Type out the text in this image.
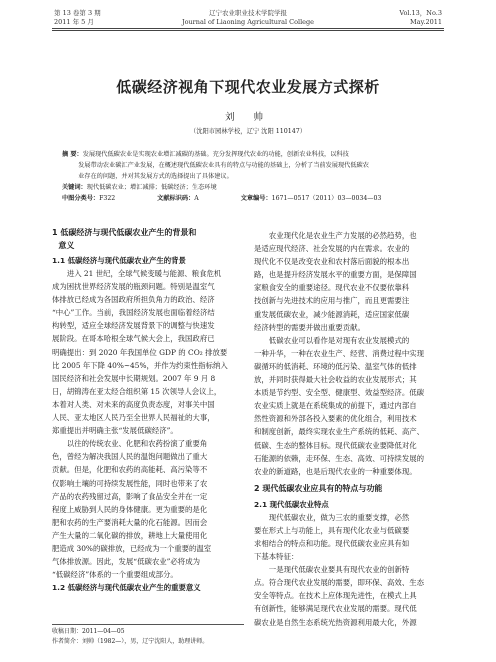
第 13 卷第 3 期
2011 年 5 月
辽宁农业职业技术学院学报
Journal of Liaoning Agricultural College
Vol.13，No.3
May.2011
低碳经济视角下现代农业发展方式探析
刘 帅
（沈阳市园林学校，辽宁 沈阳 110147）
摘 要：发展现代低碳农业是实现农业增汇减碳的基础。充分发挥现代农业的功能，创新农业科技，以科技
发展带动农业碳汇产业发展，在概述现代低碳农业具有的特点与功能的基础上，分析了当前发展现代低碳农
业存在的问题，并对其发展方式的选择提出了具体建议。
关键词：现代低碳农业；增汇减排；低碳经济；生态环境
中图分类号：F322	文献标识码：A	文章编号：1671—0517（2011）03—0034—03
1 低碳经济与现代低碳农业产生的背景和
意义
1.1 低碳经济与现代低碳农业产生的背景
进入 21 世纪，全球气候变暖与能源、粮食危机
成为困扰世界经济发展的瓶颈问题。特别是温室气
体排放已经成为各国政府所担负角力的政治、经济
“中心”工作。当前，我国经济发展也面临着经济结
构转型，适应全球经济发展背景下的调整与快速发
展阶段。在哥本哈根全球气候大会上，我国政府已
明确提出：到 2020 年我国单位 GDP 的 CO₂ 排放要
比 2005 年下降 40%~45%，并作为约束性指标纳入
国民经济和社会发展中长期规划。2007 年 9 月 8
日，胡锦涛在亚太经合组织第 15 次领导人会议上，
本着对人类、对未来的高度负责态度，对事关中国
人民、亚太地区人民乃至全世界人民福祉的大事，
郑重提出并明确主张“发展低碳经济”。
以往的传统农业、化肥和农药扮演了重要角
色，曾经为解决我国人民的温饱问题做出了重大
贡献。但是，化肥和农药的高能耗、高污染等不
仅影响土壤的可持续发展性能，同时也带来了农
产品的农药残留过高，影响了食品安全并在一定
程度上威胁到人民的身体健康。更为重要的是化
肥和农药的生产要消耗大量的化石能源。因而会
产生大量的二氧化碳的排放，耕地上大量使用化
肥造成 30%的碳排放，已经成为一个重要的温室
气体排放源。因此，发展“低碳农业”必将成为
“低碳经济”体系的一个重要组成部分。
1.2 低碳经济与现代低碳农业产生的重要意义
收稿日期：2011—04—05
作者简介：刘帅（1982—），男，辽宁沈阳人，助理讲师。
农业现代化是农业生产力发展的必然趋势，也
是适应现代经济、社会发展的内在需求。农业的
现代化不仅是改变农业和农村落后面貌的根本出
路，也是提升经济发展水平的重要方面，是保障国
家粮食安全的重要途径。现代农业不仅要依靠科
技创新与先进技术的应用与推广，而且更需要注
重发展低碳农业，减少能源消耗，适应国家低碳
经济转型的需要并做出重要贡献。
低碳农业可以看作是对现有农业发展模式的
一种升华，一种在农业生产、经营、消费过程中实现
碳循环的低消耗、环境的低污染、温室气体的低排
放，并同时获得最大社会收益的农业发展形式；其
本质是节约型、安全型、健康型、效益型经济。低碳
农业实质上就是在系统集成的前提下，通过内部自
然性资源和外部各投入要素的优化组合，利用技术
和制度创新，最终实现农业生产系统的低耗、高产、
低碳、生态的整体目标。现代低碳农业要降低对化
石能源的依赖，走环保、生态、高效、可持续发展的
农业的新道路，也是后现代农业的一种重要体现。
2 现代低碳农业应具有的特点与功能
2.1 现代低碳农业特点
现代低碳农业，做为三农的重要支撑，必然
要在形式上与功能上，具有现代化农业与低碳要
求相结合的特点和功能。现代低碳农业应具有如
下基本特征：
一是现代低碳农业要具有现代农业的创新特
点。符合现代农业发展的需要，即环保、高效、生态
安全等特点。在技术上应体现先进性，在模式上具
有创新性，能够满足现代农业发展的需要。现代低
碳农业是自然生态系统光热资源利用最大化，外源
